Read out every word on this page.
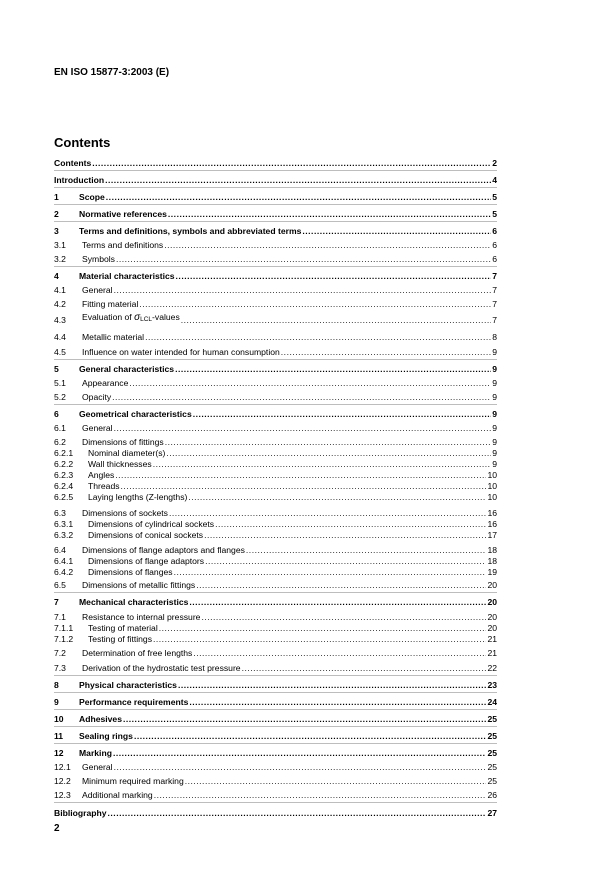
EN ISO 15877-3:2003 (E)
Contents
Contents .....	2
Introduction .....	4
1 Scope .....	5
2 Normative references .....	5
3 Terms and definitions, symbols and abbreviated terms .....	6
3.1 Terms and definitions .....	6
3.2 Symbols .....	6
4 Material characteristics .....	7
4.1 General .....	7
4.2 Fitting material .....	7
4.3 Evaluation of $\sigma_{LCL}$-values .....	7
4.4 Metallic material .....	8
4.5 Influence on water intended for human consumption .....	9
5 General characteristics .....	9
5.1 Appearance .....	9
5.2 Opacity .....	9
6 Geometrical characteristics .....	9
6.1 General .....	9
6.2 Dimensions of fittings .....	9
6.2.1 Nominal diameter(s) .....	9
6.2.2 Wall thicknesses .....	9
6.2.3 Angles .....	10
6.2.4 Threads .....	10
6.2.5 Laying lengths (Z-lengths) .....	10
6.3 Dimensions of sockets .....	16
6.3.1 Dimensions of cylindrical sockets .....	16
6.3.2 Dimensions of conical sockets .....	17
6.4 Dimensions of flange adaptors and flanges .....	18
6.4.1 Dimensions of flange adaptors .....	18
6.4.2 Dimensions of flanges .....	19
6.5 Dimensions of metallic fittings .....	20
7 Mechanical characteristics .....	20
7.1 Resistance to internal pressure .....	20
7.1.1 Testing of material .....	20
7.1.2 Testing of fittings .....	21
7.2 Determination of free lengths .....	21
7.3 Derivation of the hydrostatic test pressure .....	22
8 Physical characteristics .....	23
9 Performance requirements .....	24
10 Adhesives .....	25
11 Sealing rings .....	25
12 Marking .....	25
12.1 General .....	25
12.2 Minimum required marking .....	25
12.3 Additional marking .....	26
Bibliography .....	27
2
